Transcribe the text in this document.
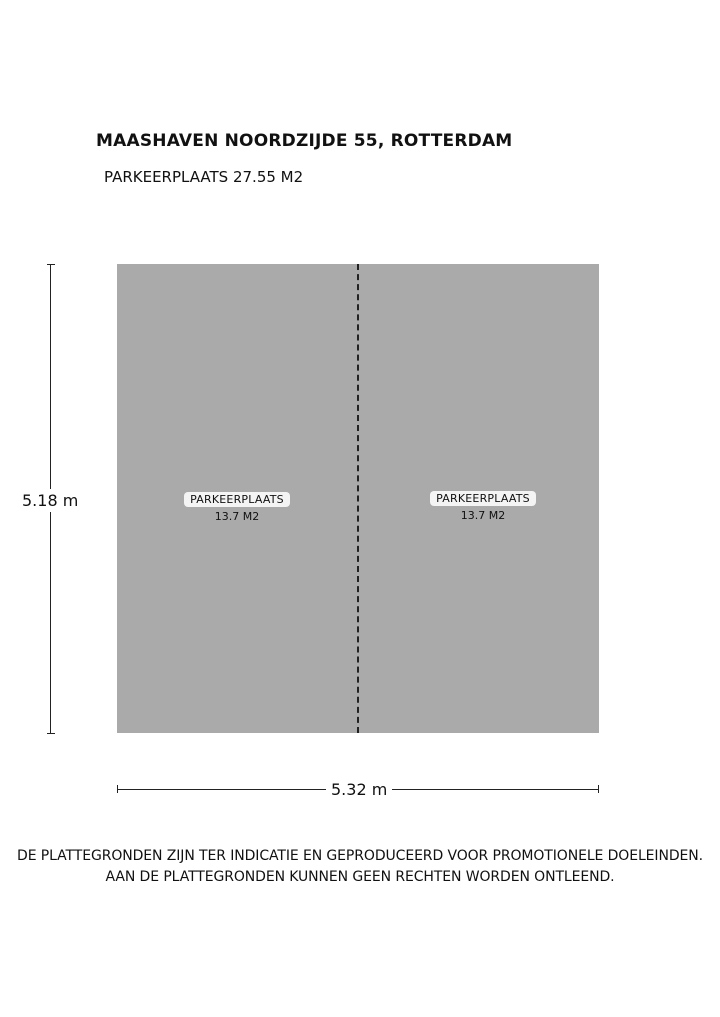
MAASHAVEN NOORDZIJDE 55, ROTTERDAM
PARKEERPLAATS 27.55 M2
PARKEERPLAATS
13.7 M2
PARKEERPLAATS
13.7 M2
5.18 m
5.32 m
DE PLATTEGRONDEN ZIJN TER INDICATIE EN GEPRODUCEERD VOOR PROMOTIONELE DOELEINDEN.
AAN DE PLATTEGRONDEN KUNNEN GEEN RECHTEN WORDEN ONTLEEND.
